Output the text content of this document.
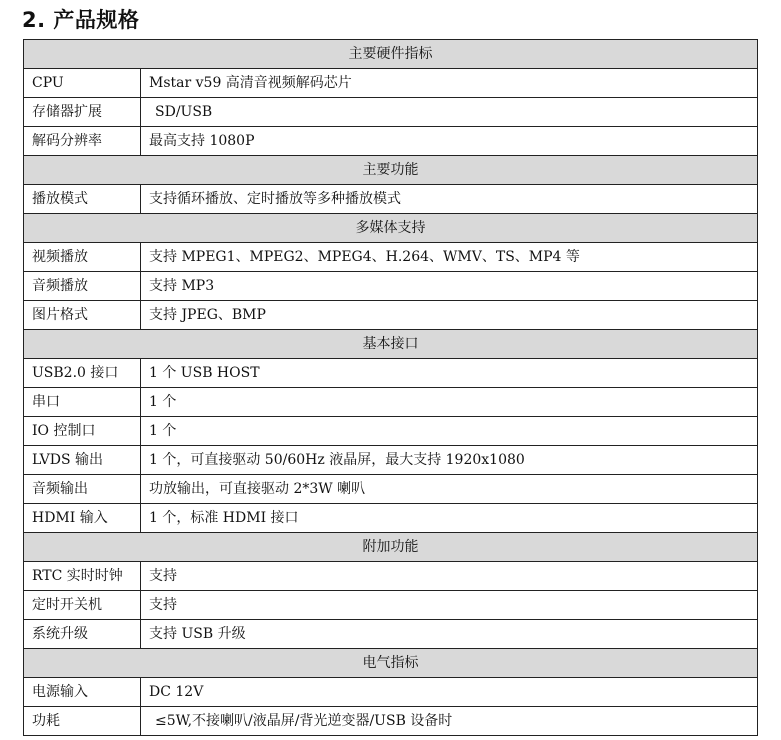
2. 产品规格
主要硬件指标	
CPU	Mstar v59 高清音视频解码芯片
存储器扩展	SD/USB
解码分辨率	最高支持 1080P
主要功能	
播放模式	支持循环播放、定时播放等多种播放模式
多媒体支持	
视频播放	支持 MPEG1、MPEG2、MPEG4、H.264、WMV、TS、MP4 等
音频播放	支持 MP3
图片格式	支持 JPEG、BMP
基本接口	
USB2.0 接口	1 个 USB HOST
串口	1 个
IO 控制口	1 个
LVDS 输出	1 个，可直接驱动 50/60Hz 液晶屏，最大支持 1920x1080
音频输出	功放输出，可直接驱动 2*3W 喇叭
HDMI 输入	1 个，标准 HDMI 接口
附加功能	
RTC 实时时钟	支持
定时开关机	支持
系统升级	支持 USB 升级
电气指标	
电源输入	DC 12V
功耗	≤5W,不接喇叭/液晶屏/背光逆变器/USB 设备时
